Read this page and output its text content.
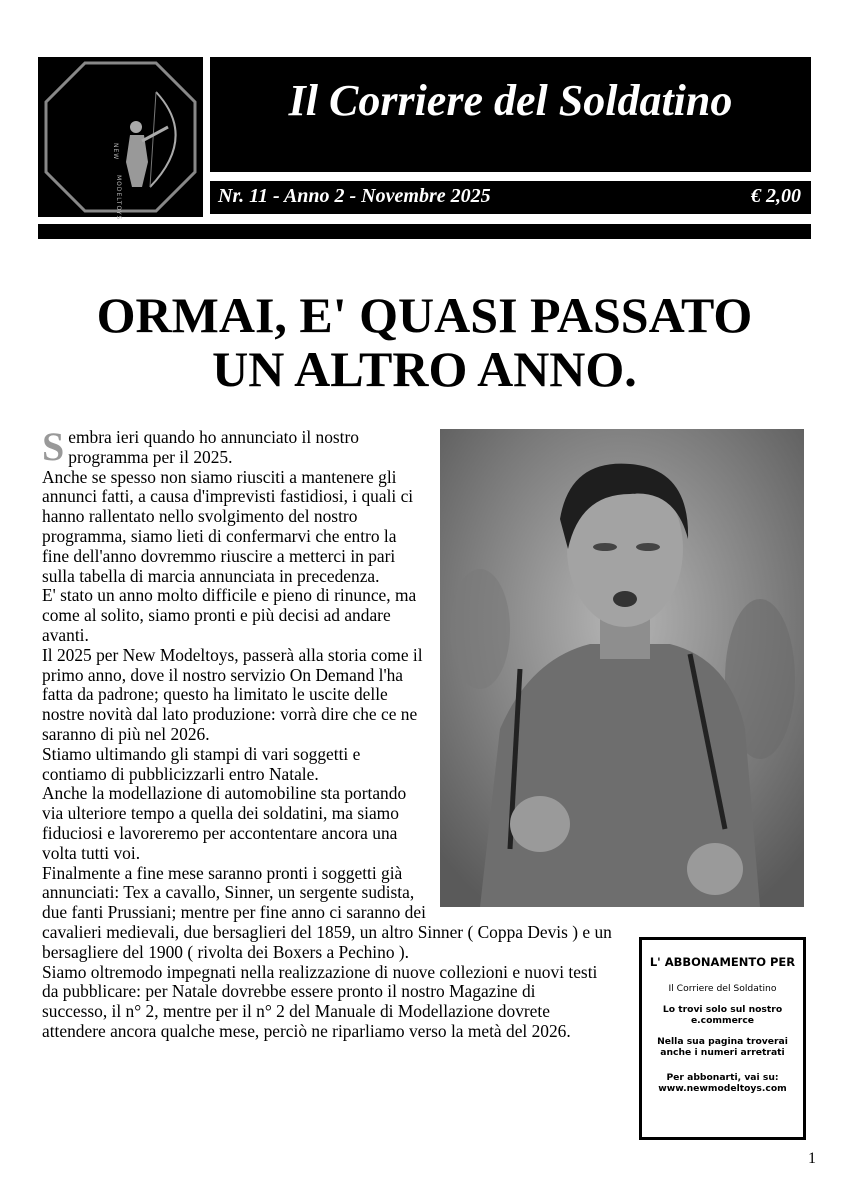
NEW
MODELTOYS
Il Corriere del Soldatino
Nr. 11 - Anno 2 - Novembre 2025	€ 2,00
ORMAI, E' QUASI PASSATO
UN ALTRO ANNO.

Sembra ieri quando ho annunciato il nostro programma per il 2025.

Anche se spesso non siamo riusciti a mantenere gli annunci fatti, a causa d'imprevisti fastidiosi, i quali ci hanno rallentato nello svolgimento del nostro programma, siamo lieti di confermarvi che entro la fine dell'anno dovremmo riuscire a metterci in pari sulla tabella di marcia annunciata in precedenza.

E' stato un anno molto difficile e pieno di rinunce, ma come al solito, siamo pronti e più decisi ad andare avanti.

Il 2025 per New Modeltoys, passerà alla storia come il primo anno, dove il nostro servizio On Demand l'ha fatta da padrone; questo ha limitato le uscite delle nostre novità dal lato produzione: vorrà dire che ce ne saranno di più nel 2026.

Stiamo ultimando gli stampi di vari soggetti e contiamo di pubblicizzarli entro Natale.

Anche la modellazione di automobiline sta portando via ulteriore tempo a quella dei soldatini, ma siamo fiduciosi e lavoreremo per accontentare ancora una volta tutti voi.

Finalmente a fine mese saranno pronti i soggetti già annunciati: Tex a cavallo, Sinner, un sergente sudista, due fanti Prussiani; mentre per fine anno ci saranno dei cavalieri medievali, due bersaglieri del 1859, un altro Sinner ( Coppa Devis ) e un bersagliere del 1900 ( rivolta dei Boxers a Pechino ).

Siamo oltremodo impegnati nella realizzazione di nuove collezioni e nuovi testi da pubblicare: per Natale dovrebbe essere pronto il nostro Magazine di successo, il n° 2, mentre per il n° 2 del Manuale di Modellazione dovrete attendere ancora qualche mese, perciò ne riparliamo verso la metà del 2026.

L' ABBONAMENTO PER
Il Corriere del Soldatino
Lo trovi solo sul nostro e.commerce
Nella sua pagina troverai anche i numeri arretrati
Per abbonarti, vai su:
www.newmodeltoys.com
1
